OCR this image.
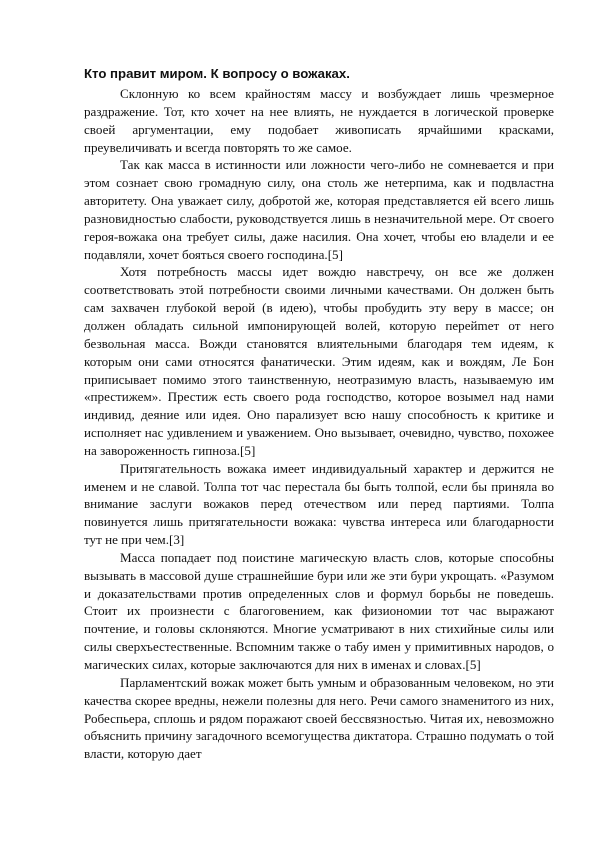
Кто правит миром. К вопросу о вожаках.

Склонную ко всем крайностям массу и возбуждает лишь чрезмерное раздражение. Тот, кто хочет на нее влиять, не нуждается в логической проверке своей аргументации, ему подобает живописать ярчайшими красками, преувеличивать и всегда повторять то же самое.

Так как масса в истинности или ложности чего-либо не сомневается и при этом сознает свою громадную силу, она столь же нетерпима, как и подвластна авторитету. Она уважает силу, добротой же, которая представляется ей всего лишь разновидностью слабости, руководствуется лишь в незначительной мере. От своего героя-вожака она требует силы, даже насилия. Она хочет, чтобы ею владели и ее подавляли, хочет бояться своего господина.[5]

Хотя потребность массы идет вождю навстречу, он все же должен соответствовать этой потребности своими личными качествами. Он должен быть сам захвачен глубокой верой (в идею), чтобы пробудить эту веру в массе; он должен обладать сильной импонирующей волей, которую перейmет от него безвольная масса. Вожди становятся влиятельными благодаря тем идеям, к которым они сами относятся фанатически. Этим идеям, как и вождям, Ле Бон приписывает помимо этого таинственную, неотразимую власть, называемую им «престижем». Престиж есть своего рода господство, которое возымел над нами индивид, деяние или идея. Оно парализует всю нашу способность к критике и исполняет нас удивлением и уважением. Оно вызывает, очевидно, чувство, похожее на завороженность гипноза.[5]

Притягательность вожака имеет индивидуальный характер и держится не именем и не славой. Толпа тот час перестала бы быть толпой, если бы приняла во внимание заслуги вожаков перед отечеством или перед партиями. Толпа повинуется лишь притягательности вожака: чувства интереса или благодарности тут не при чем.[3]

Масса попадает под поистине магическую власть слов, которые способны вызывать в массовой душе страшнейшие бури или же эти бури укрощать. «Разумом и доказательствами против определенных слов и формул борьбы не поведешь. Стоит их произнести с благоговением, как физиономии тот час выражают почтение, и головы склоняются. Многие усматривают в них стихийные силы или силы сверхъестественные. Вспомним также о табу имен у примитивных народов, о магических силах, которые заключаются для них в именах и словах.[5]

Парламентский вожак может быть умным и образованным человеком, но эти качества скорее вредны, нежели полезны для него. Речи самого знаменитого из них, Робеспьера, сплошь и рядом поражают своей бессвязностью. Читая их, невозможно объяснить причину загадочного всемогущества диктатора. Страшно подумать о той власти, которую дает
